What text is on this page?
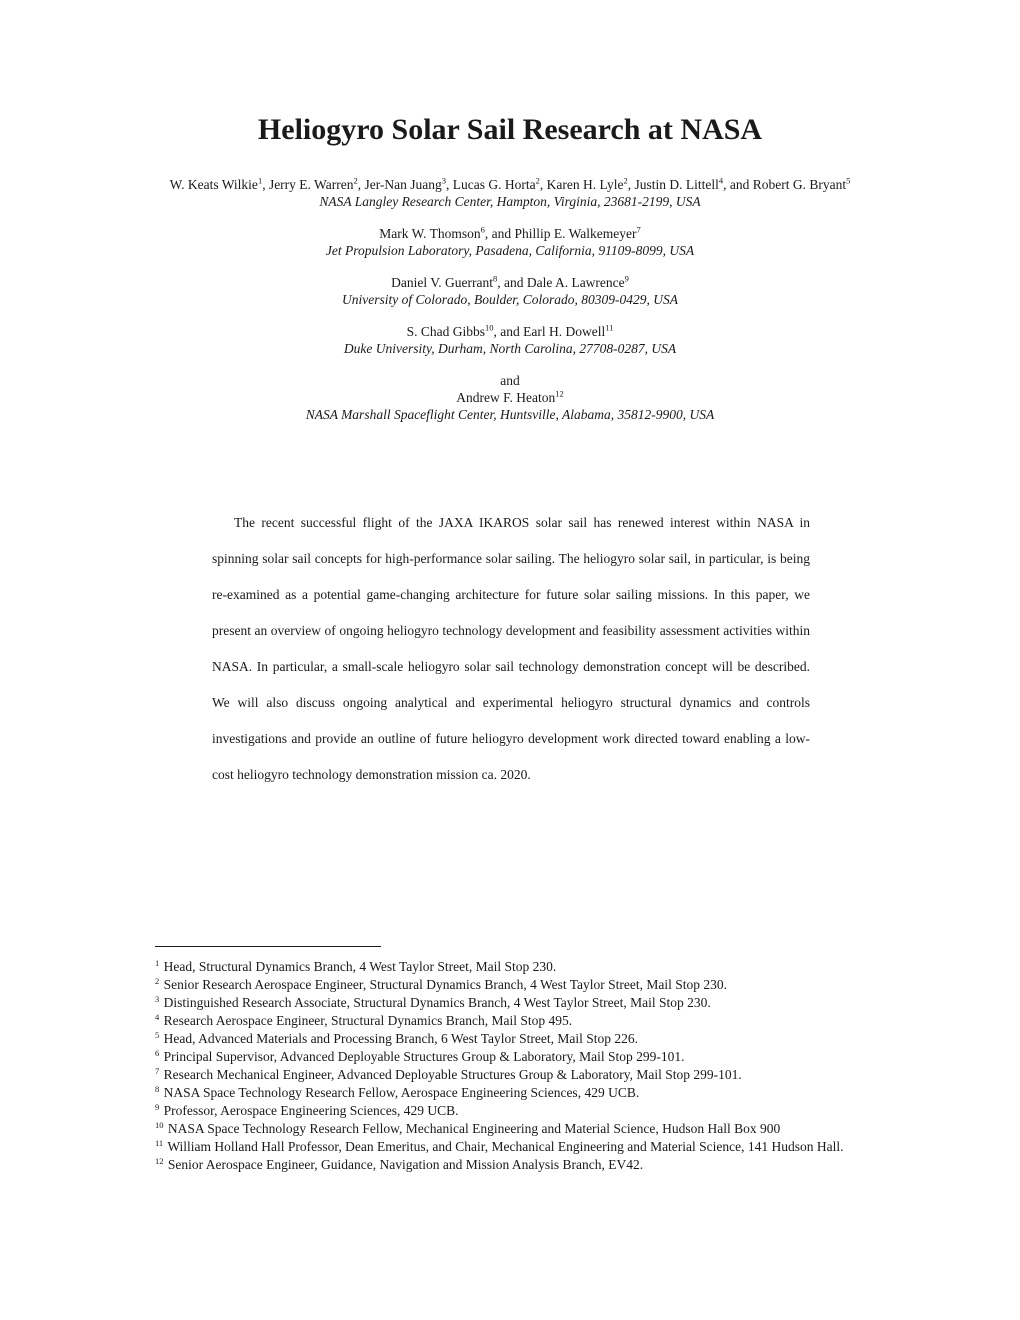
Heliogyro Solar Sail Research at NASA
W. Keats Wilkie$^1$ , Jerry E. Warren$^2$ , Jer-Nan Juang$^3$ , Lucas G. Horta$^2$ , Karen H. Lyle$^2$ , Justin D. Littell$^4$ , and Robert G. Bryant$^5$

NASA Langley Research Center, Hampton, Virginia, 23681-2199, USA

Mark W. Thomson$^6$ , and Phillip E. Walkemeyer$^7$

Jet Propulsion Laboratory, Pasadena, California, 91109-8099, USA

Daniel V. Guerrant$^8$ , and Dale A. Lawrence$^9$

University of Colorado, Boulder, Colorado, 80309-0429, USA

S. Chad Gibbs$^{10}$ , and Earl H. Dowell$^{11}$

Duke University, Durham, North Carolina, 27708-0287, USA

and

Andrew F. Heaton$^{12}$

NASA Marshall Spaceflight Center, Huntsville, Alabama, 35812-9900, USA

The recent successful flight of the JAXA IKAROS solar sail has renewed interest within NASA in spinning solar sail concepts for high-performance solar sailing. The heliogyro solar sail, in particular, is being re-examined as a potential game-changing architecture for future solar sailing missions. In this paper, we present an overview of ongoing heliogyro technology development and feasibility assessment activities within NASA. In particular, a small-scale heliogyro solar sail technology demonstration concept will be described. We will also discuss ongoing analytical and experimental heliogyro structural dynamics and controls investigations and provide an outline of future heliogyro development work directed toward enabling a low-cost heliogyro technology demonstration mission ca. 2020.

$^1$ Head, Structural Dynamics Branch, 4 West Taylor Street, Mail Stop 230.
$^2$ Senior Research Aerospace Engineer, Structural Dynamics Branch, 4 West Taylor Street, Mail Stop 230.
$^3$ Distinguished Research Associate, Structural Dynamics Branch, 4 West Taylor Street, Mail Stop 230.
$^4$ Research Aerospace Engineer, Structural Dynamics Branch, Mail Stop 495.
$^5$ Head, Advanced Materials and Processing Branch, 6 West Taylor Street, Mail Stop 226.
$^6$ Principal Supervisor, Advanced Deployable Structures Group & Laboratory, Mail Stop 299-101.
$^7$ Research Mechanical Engineer, Advanced Deployable Structures Group & Laboratory, Mail Stop 299-101.
$^8$ NASA Space Technology Research Fellow, Aerospace Engineering Sciences, 429 UCB.
$^9$ Professor, Aerospace Engineering Sciences, 429 UCB.
$^{10}$ NASA Space Technology Research Fellow, Mechanical Engineering and Material Science, Hudson Hall Box 900
$^{11}$ William Holland Hall Professor, Dean Emeritus, and Chair, Mechanical Engineering and Material Science, 141 Hudson Hall.
$^{12}$ Senior Aerospace Engineer, Guidance, Navigation and Mission Analysis Branch, EV42.
